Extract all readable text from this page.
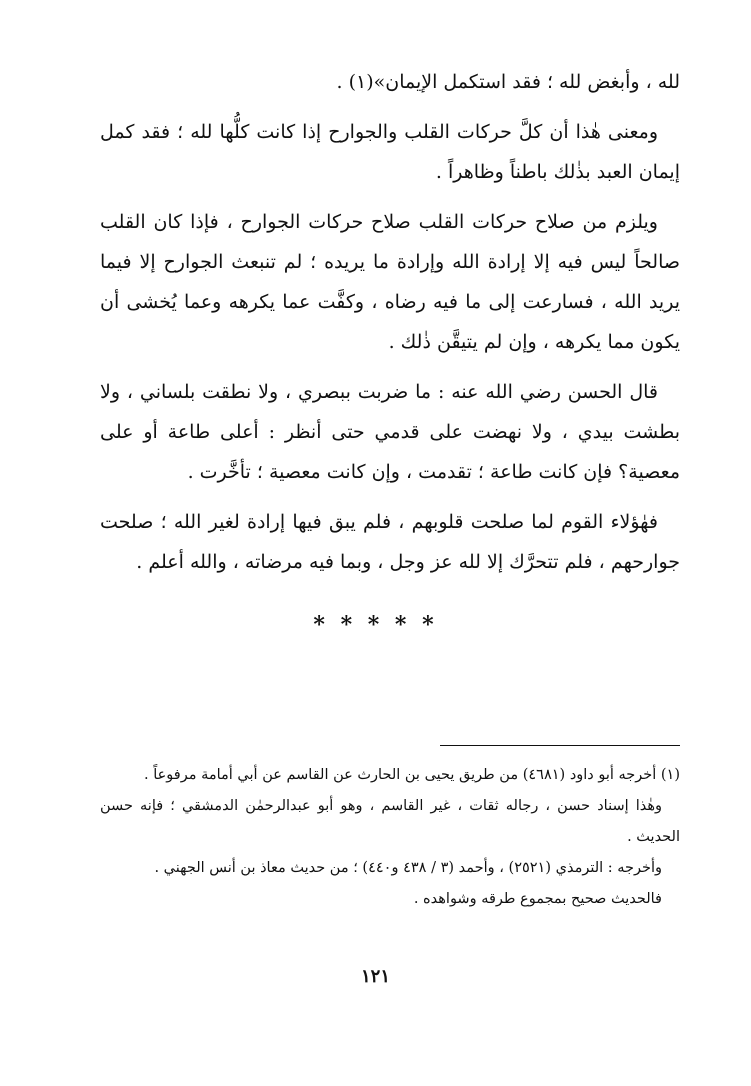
لله ، وأبغض لله ؛ فقد استكمل الإيمان»(١) .

ومعنى هٰذا أن كلَّ حركات القلب والجوارح إذا كانت كلُّها لله ؛ فقد كمل إيمان العبد بذٰلك باطناً وظاهراً .

ويلزم من صلاح حركات القلب صلاح حركات الجوارح ، فإذا كان القلب صالحاً ليس فيه إلا إرادة الله وإرادة ما يريده ؛ لم تنبعث الجوارح إلا فيما يريد الله ، فسارعت إلى ما فيه رضاه ، وكفَّت عما يكرهه وعما يُخشى أن يكون مما يكرهه ، وإن لم يتيقَّن ذٰلك .

قال الحسن رضي الله عنه : ما ضربت ببصري ، ولا نطقت بلساني ، ولا بطشت بيدي ، ولا نهضت على قدمي حتى أنظر : أعلى طاعة أو على معصية؟ فإن كانت طاعة ؛ تقدمت ، وإن كانت معصية ؛ تأخَّرت .

فهٰؤلاء القوم لما صلحت قلوبهم ، فلم يبق فيها إرادة لغير الله ؛ صلحت جوارحهم ، فلم تتحرَّك إلا لله عز وجل ، وبما فيه مرضاته ، والله أعلم .

* * * * *

(١) أخرجه أبو داود (٤٦٨١) من طريق يحيى بن الحارث عن القاسم عن أبي أمامة مرفوعاً .

وهٰذا إسناد حسن ، رجاله ثقات ، غير القاسم ، وهو أبو عبدالرحمٰن الدمشقي ؛ فإنه حسن الحديث .

وأخرجه : الترمذي (٢٥٢١) ، وأحمد (٣ / ٤٣٨ و٤٤٠) ؛ من حديث معاذ بن أنس الجهني .

فالحديث صحيح بمجموع طرقه وشواهده .

١٢١
